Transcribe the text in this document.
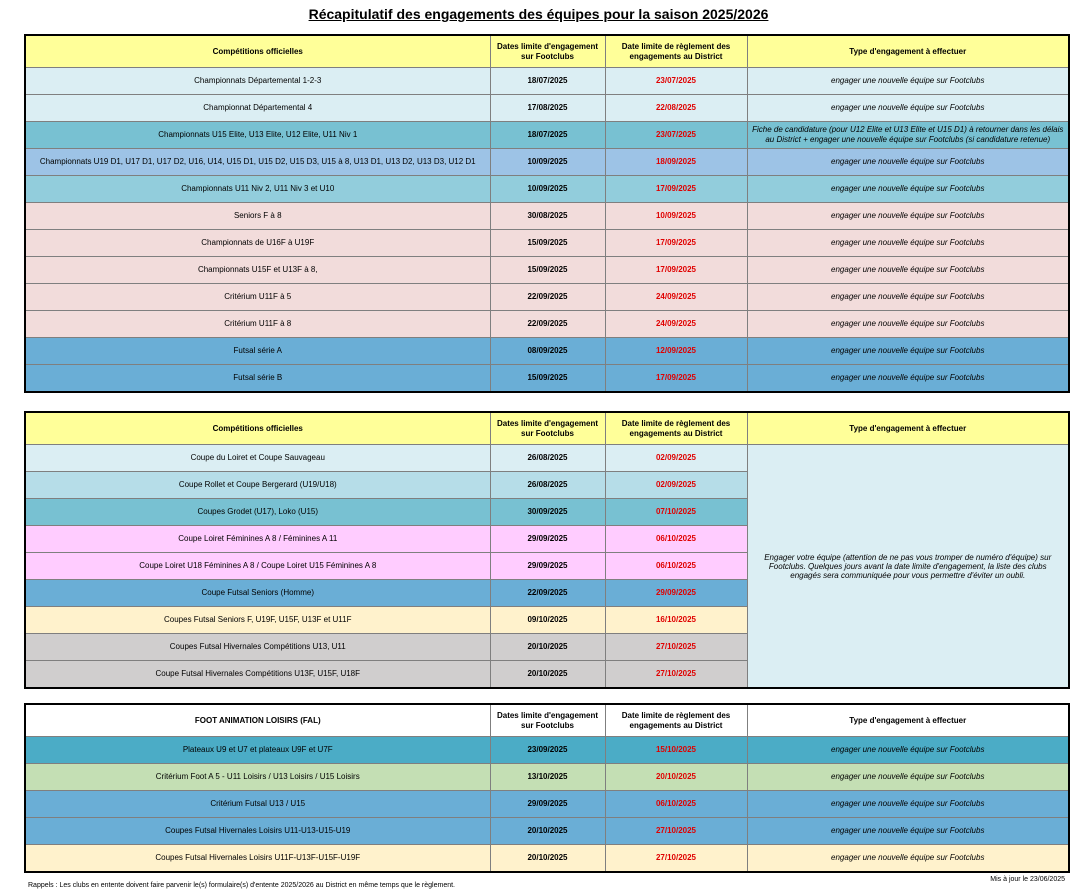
Récapitulatif des engagements des équipes pour la saison 2025/2026
Compétitions officielles	Dates limite d'engagement sur Footclubs	Date limite de règlement des engagements au District	Type d'engagement à effectuer
Championnats Départemental 1-2-3	18/07/2025	23/07/2025	engager une nouvelle équipe sur Footclubs
Championnat Départemental 4	17/08/2025	22/08/2025	engager une nouvelle équipe sur Footclubs
Championnats U15 Elite, U13 Elite, U12 Elite, U11 Niv 1	18/07/2025	23/07/2025	Fiche de candidature (pour U12 Elite et U13 Elite et U15 D1) à retourner dans les délais au District + engager une nouvelle équipe sur Footclubs (si candidature retenue)
Championnats U19 D1, U17 D1, U17 D2, U16, U14, U15 D1, U15 D2, U15 D3, U15 à 8, U13 D1, U13 D2, U13 D3, U12 D1	10/09/2025	18/09/2025	engager une nouvelle équipe sur Footclubs
Championnats U11 Niv 2, U11 Niv 3 et U10	10/09/2025	17/09/2025	engager une nouvelle équipe sur Footclubs
Seniors F à 8	30/08/2025	10/09/2025	engager une nouvelle équipe sur Footclubs
Championnats de U16F à U19F	15/09/2025	17/09/2025	engager une nouvelle équipe sur Footclubs
Championnats U15F et U13F à 8,	15/09/2025	17/09/2025	engager une nouvelle équipe sur Footclubs
Critérium U11F à 5	22/09/2025	24/09/2025	engager une nouvelle équipe sur Footclubs
Critérium U11F à 8	22/09/2025	24/09/2025	engager une nouvelle équipe sur Footclubs
Futsal série A	08/09/2025	12/09/2025	engager une nouvelle équipe sur Footclubs
Futsal série B	15/09/2025	17/09/2025	engager une nouvelle équipe sur Footclubs
Compétitions officielles	Dates limite d'engagement sur Footclubs	Date limite de règlement des engagements au District	Type d'engagement à effectuer
Coupe du Loiret et Coupe Sauvageau	26/08/2025	02/09/2025	Engager votre équipe (attention de ne pas vous tromper de numéro d'équipe) sur Footclubs. Quelques jours avant la date limite d'engagement, la liste des clubs engagés sera communiquée pour vous permettre d'éviter un oubli.
Coupe Rollet et Coupe Bergerard (U19/U18)	26/08/2025	02/09/2025	
Coupes Grodet (U17), Loko (U15)	30/09/2025	07/10/2025	
Coupe Loiret Féminines A 8 / Féminines A 11	29/09/2025	06/10/2025	
Coupe Loiret U18 Féminines A 8 / Coupe Loiret U15 Féminines A 8	29/09/2025	06/10/2025	
Coupe Futsal Seniors (Homme)	22/09/2025	29/09/2025	
Coupes Futsal Seniors F, U19F, U15F, U13F et U11F	09/10/2025	16/10/2025	
Coupes Futsal Hivernales Compétitions U13, U11	20/10/2025	27/10/2025	
Coupe Futsal Hivernales Compétitions U13F, U15F, U18F	20/10/2025	27/10/2025	
FOOT ANIMATION LOISIRS (FAL)	Dates limite d'engagement sur Footclubs	Date limite de règlement des engagements au District	Type d'engagement à effectuer
Plateaux U9 et U7 et plateaux U9F et U7F	23/09/2025	15/10/2025	engager une nouvelle équipe sur Footclubs
Critérium Foot A 5 - U11 Loisirs / U13 Loisirs / U15 Loisirs	13/10/2025	20/10/2025	engager une nouvelle équipe sur Footclubs
Critérium Futsal U13 / U15	29/09/2025	06/10/2025	engager une nouvelle équipe sur Footclubs
Coupes Futsal Hivernales Loisirs U11-U13-U15-U19	20/10/2025	27/10/2025	engager une nouvelle équipe sur Footclubs
Coupes Futsal Hivernales Loisirs U11F-U13F-U15F-U19F	20/10/2025	27/10/2025	engager une nouvelle équipe sur Footclubs
Rappels : Les clubs en entente doivent faire parvenir le(s) formulaire(s) d'entente 2025/2026 au District en même temps que le règlement.
Mis à jour le 23/06/2025
